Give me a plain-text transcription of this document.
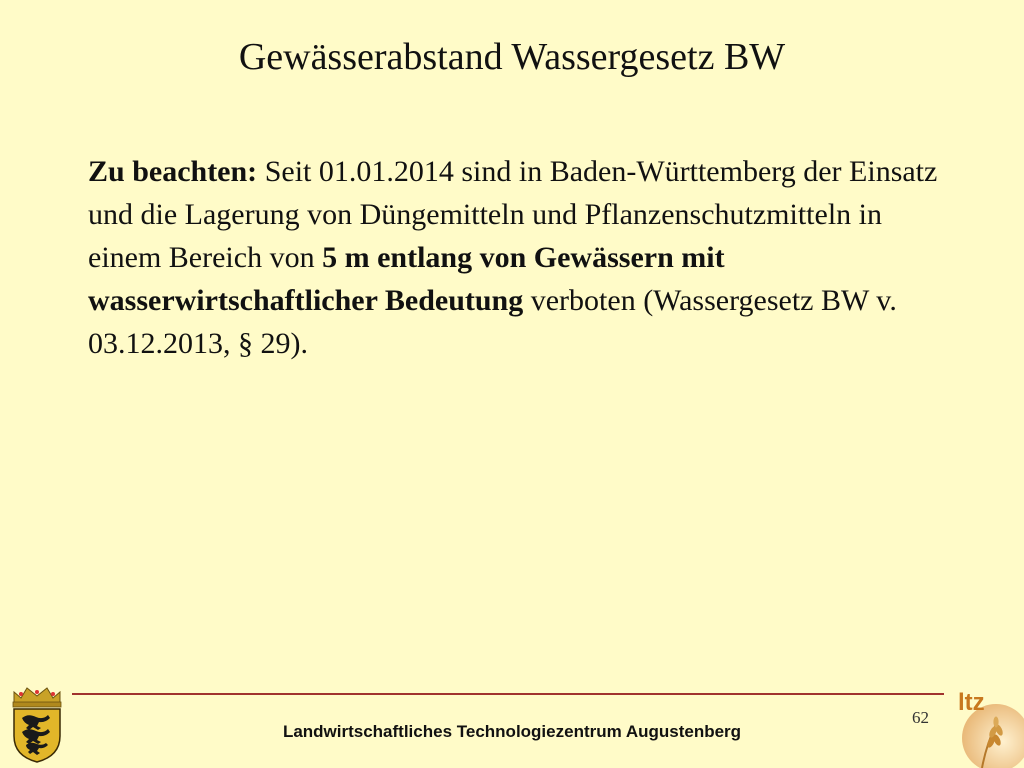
Gewässerabstand Wassergesetz BW
Zu beachten: Seit 01.01.2014 sind in Baden-Württemberg der Einsatz und die Lagerung von Düngemitteln und Pflanzenschutzmitteln in einem Bereich von 5 m entlang von Gewässern mit wasserwirtschaftlicher Bedeutung verboten (Wassergesetz BW v. 03.12.2013, § 29).
62
Landwirtschaftliches Technologiezentrum Augustenberg
ltz
